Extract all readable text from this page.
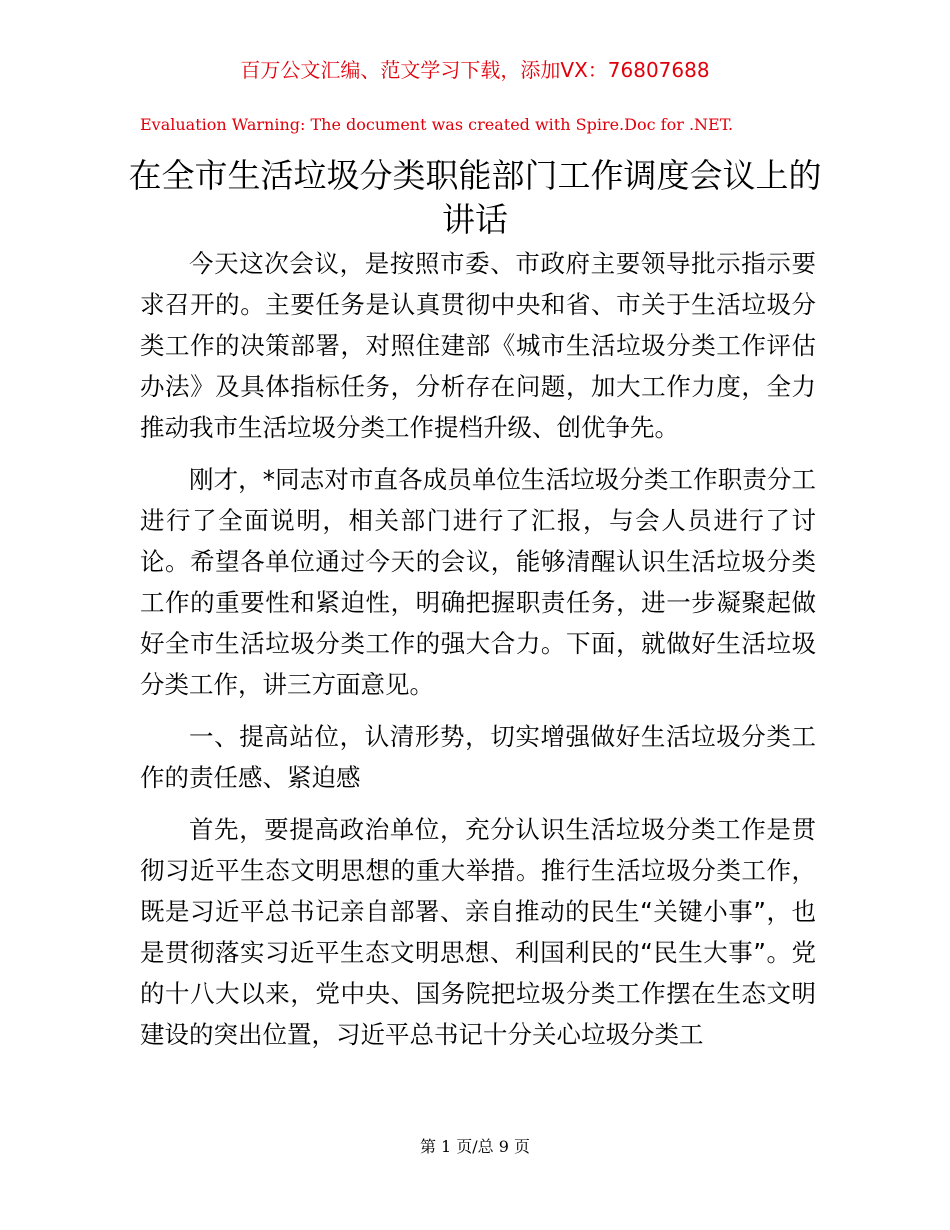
百万公文汇编、范文学习下载，添加VX：76807688
Evaluation Warning: The document was created with Spire.Doc for .NET.
在全市生活垃圾分类职能部门工作调度会议上的讲话

今天这次会议，是按照市委、市政府主要领导批示指示要求召开的。主要任务是认真贯彻中央和省、市关于生活垃圾分类工作的决策部署，对照住建部《城市生活垃圾分类工作评估办法》及具体指标任务，分析存在问题，加大工作力度，全力推动我市生活垃圾分类工作提档升级、创优争先。

刚才，*同志对市直各成员单位生活垃圾分类工作职责分工进行了全面说明，相关部门进行了汇报，与会人员进行了讨论。希望各单位通过今天的会议，能够清醒认识生活垃圾分类工作的重要性和紧迫性，明确把握职责任务，进一步凝聚起做好全市生活垃圾分类工作的强大合力。下面，就做好生活垃圾分类工作，讲三方面意见。

一、提高站位，认清形势，切实增强做好生活垃圾分类工作的责任感、紧迫感

首先，要提高政治单位，充分认识生活垃圾分类工作是贯彻习近平生态文明思想的重大举措。推行生活垃圾分类工作，既是习近平总书记亲自部署、亲自推动的民生“关键小事”，也是贯彻落实习近平生态文明思想、利国利民的“民生大事”。党的十八大以来，党中央、国务院把垃圾分类工作摆在生态文明建设的突出位置，习近平总书记十分关心垃圾分类工

第 1 页/总 9 页
